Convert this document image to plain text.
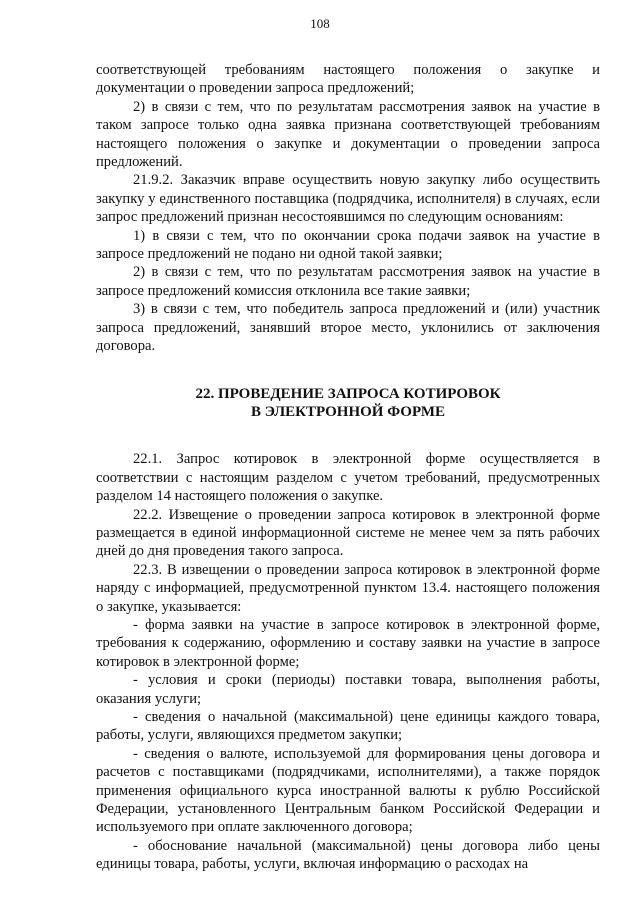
108

соответствующей требованиям настоящего положения о закупке и документации о проведении запроса предложений;

2) в связи с тем, что по результатам рассмотрения заявок на участие в таком запросе только одна заявка признана соответствующей требованиям настоящего положения о закупке и документации о проведении запроса предложений.

21.9.2. Заказчик вправе осуществить новую закупку либо осуществить закупку у единственного поставщика (подрядчика, исполнителя) в случаях, если запрос предложений признан несостоявшимся по следующим основаниям:

1) в связи с тем, что по окончании срока подачи заявок на участие в запросе предложений не подано ни одной такой заявки;

2) в связи с тем, что по результатам рассмотрения заявок на участие в запросе предложений комиссия отклонила все такие заявки;

3) в связи с тем, что победитель запроса предложений и (или) участник запроса предложений, занявший второе место, уклонились от заключения договора.

22. ПРОВЕДЕНИЕ ЗАПРОСА КОТИРОВОК
В ЭЛЕКТРОННОЙ ФОРМЕ

22.1. Запрос котировок в электронной форме осуществляется в соответствии с настоящим разделом с учетом требований, предусмотренных разделом 14 настоящего положения о закупке.

22.2. Извещение о проведении запроса котировок в электронной форме размещается в единой информационной системе не менее чем за пять рабочих дней до дня проведения такого запроса.

22.3. В извещении о проведении запроса котировок в электронной форме наряду с информацией, предусмотренной пунктом 13.4. настоящего положения о закупке, указывается:

- форма заявки на участие в запросе котировок в электронной форме, требования к содержанию, оформлению и составу заявки на участие в запросе котировок в электронной форме;

- условия и сроки (периоды) поставки товара, выполнения работы, оказания услуги;

- сведения о начальной (максимальной) цене единицы каждого товара, работы, услуги, являющихся предметом закупки;

- сведения о валюте, используемой для формирования цены договора и расчетов с поставщиками (подрядчиками, исполнителями), а также порядок применения официального курса иностранной валюты к рублю Российской Федерации, установленного Центральным банком Российской Федерации и используемого при оплате заключенного договора;

- обоснование начальной (максимальной) цены договора либо цены единицы товара, работы, услуги, включая информацию о расходах на
